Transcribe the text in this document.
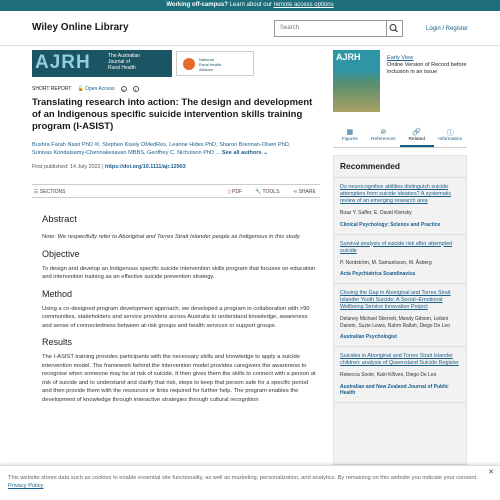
Working off-campus? Learn about our remote access options
Wiley Online Library	Search	Login / Register
AJRH	The Australian
Journal of
Rural Health
National
Rural Health
Alliance
SHORT REPORT 🔓 Open Access	c	i
Translating research into action: The design and development of an Indigenous specific suicide intervention skills training program (I-ASIST)
Bushra Farah Nasir PhD ✉, Stephen Kisely DMedRes, Leanne Hides PhD, Sharon Brennan-Olsen PhD,
Srinivas Kondalsamy-Chennakesavan MBBS, Geoffrey C. Nicholson PhD ... See all authors ⌄
First published: 14 July 2022 | https://doi.org/10.1111/ajr.12903
☷ SECTIONS	▯ PDF	🔧 TOOLS	⋖ SHARE
Abstract
Note: We respectfully refer to Aboriginal and Torres Strait Islander people as Indigenous in this study.
Objective
To design and develop an Indigenous specific suicide intervention skills program that focuses on education and intervention training as an effective suicide prevention strategy.
Method
Using a co-designed program development approach, we developed a program in collaboration with >90 communities, stakeholders and service providers across Australia to understand knowledge, awareness and sense of connectedness between at-risk groups and health services or support groups.
Results
The I-ASIST training provides participants with the necessary skills and knowledge to apply a suicide intervention model. The framework behind the intervention model provides caregivers the awareness to recognise when someone may be at risk of suicide. It then gives them the skills to connect with a person at risk of suicide and to understand and clarify that risk, steps to keep that person safe for a specific period and then provide them with the resources or links required for further help. The program enables the development of knowledge through interactive strategies through cultural recognition
AJRH	Early View
Online Version of Record before inclusion in an issue
▦
Figures
⊘
References
🔗
Related
ⓘ
Information
Recommended
Do neurocognitive abilities distinguish suicide attempters from suicide ideators? A systematic review of an emerging research area
Boaz Y. Saffer, E. David Klonsky
Clinical Psychology: Science and Practice
Survival analysis of suicide risk after attempted suicide
P. Nordström, M. Samuelsson, M. Åsberg
Acta Psychiatrica Scandinavica
Closing the Gap in Aboriginal and Torres Strait Islander Youth Suicide: A Social–Emotional Wellbeing Service Innovation Project
Delaney Michael Skerrett, Mandy Gibson, Leilani Darwin, Suzie Lewis, Rahm Rallah, Diego De Leo
Australian Psychologist
Suicides in Aboriginal and Torres Strait Islander children: analysis of Queensland Suicide Register
Rebecca Soole, Kairi Kõlves, Diego De Leo
Australian and New Zealand Journal of Public Health
✕
This website stores data such as cookies to enable essential site functionality, as well as marketing, personalization, and analytics. By remaining on this website you indicate your consent. Privacy Policy
